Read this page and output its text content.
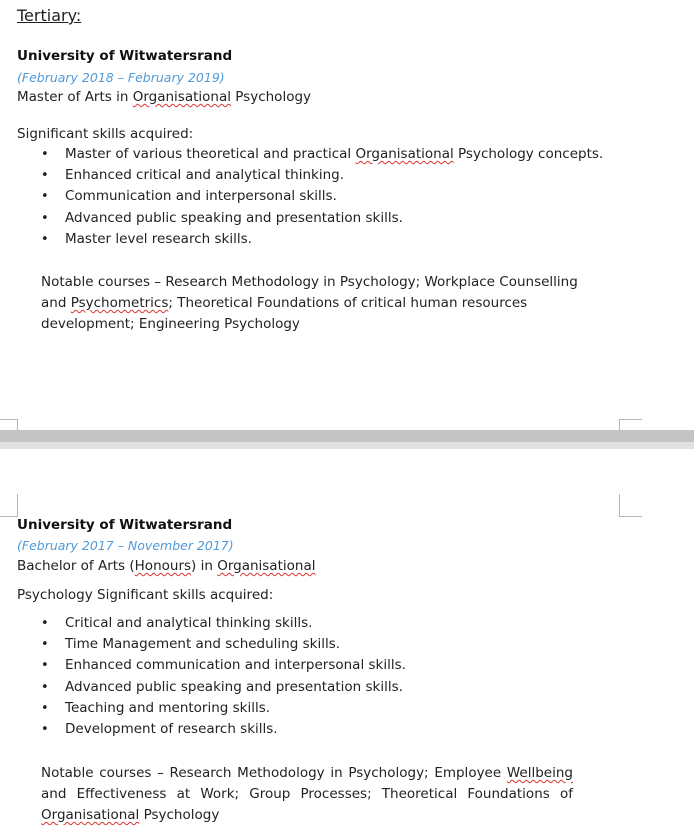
Tertiary:

University of Witwatersrand

(February 2018 – February 2019)

Master of Arts in Organisational Psychology

Significant skills acquired:

• Master of various theoretical and practical Organisational Psychology concepts.
• Enhanced critical and analytical thinking.
• Communication and interpersonal skills.
• Advanced public speaking and presentation skills.
• Master level research skills.
Notable courses – Research Methodology in Psychology; Workplace Counselling
and Psychometrics; Theoretical Foundations of critical human resources
development; Engineering Psychology

University of Witwatersrand

(February 2017 – November 2017)

Bachelor of Arts (Honours) in Organisational

Psychology Significant skills acquired:

• Critical and analytical thinking skills.
• Time Management and scheduling skills.
• Enhanced communication and interpersonal skills.
• Advanced public speaking and presentation skills.
• Teaching and mentoring skills.
• Development of research skills.
Notable courses – Research Methodology in Psychology; Employee Wellbeing
and Effectiveness at Work; Group Processes; Theoretical Foundations of
Organisational Psychology
